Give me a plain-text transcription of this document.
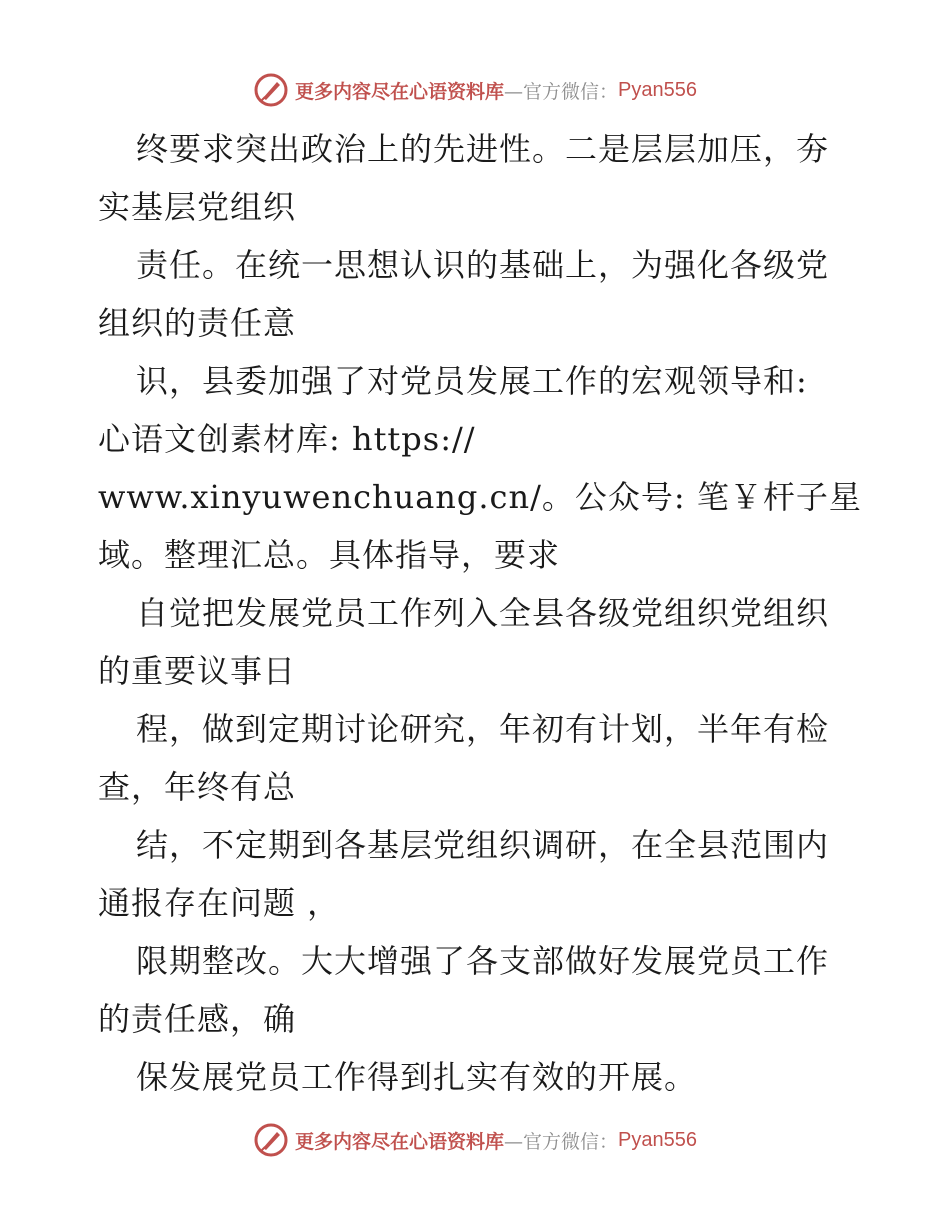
更多内容尽在心语资料库 —官方微信： Pyan556
终要求突出政治上的先进性。二是层层加压，夯
实基层党组织
责任。在统一思想认识的基础上，为强化各级党
组织的责任意
识，县委加强了对党员发展工作的宏观领导和:
心语文创素材库: https://
www.xinyuwenchuang.cn/。公众号: 笔￥杆子星
域。整理汇总。具体指导，要求
自觉把发展党员工作列入全县各级党组织党组织
的重要议事日
程，做到定期讨论研究，年初有计划，半年有检
查，年终有总
结，不定期到各基层党组织调研，在全县范围内
通报存在问题 ，
限期整改。大大增强了各支部做好发展党员工作
的责任感，确
保发展党员工作得到扎实有效的开展。
更多内容尽在心语资料库 —官方微信： Pyan556
